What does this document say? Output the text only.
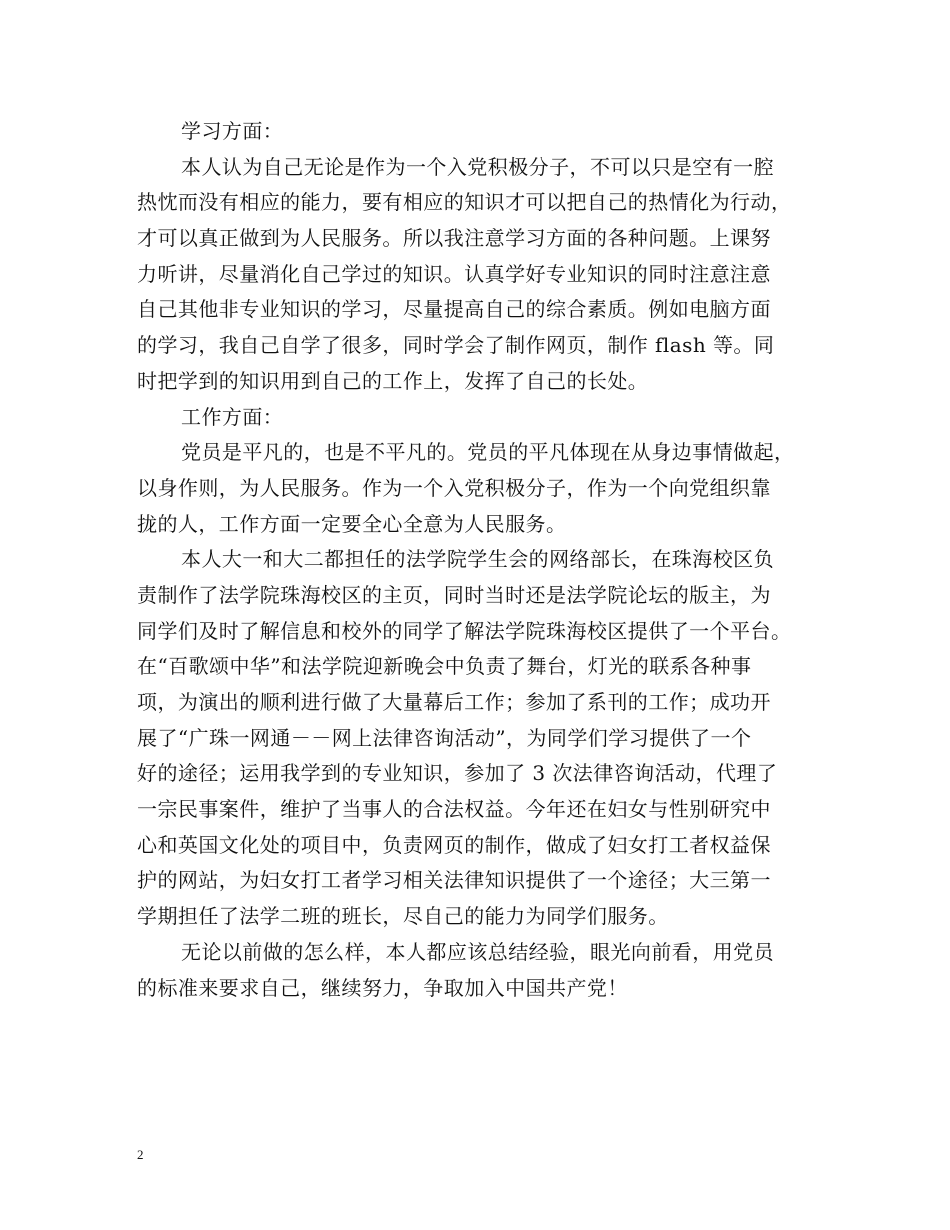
学习方面：
本人认为自己无论是作为一个入党积极分子，不可以只是空有一腔
热忱而没有相应的能力，要有相应的知识才可以把自己的热情化为行动，
才可以真正做到为人民服务。所以我注意学习方面的各种问题。上课努
力听讲，尽量消化自己学过的知识。认真学好专业知识的同时注意注意
自己其他非专业知识的学习，尽量提高自己的综合素质。例如电脑方面
的学习，我自己自学了很多，同时学会了制作网页，制作 flash 等。同
时把学到的知识用到自己的工作上，发挥了自己的长处。
工作方面：
党员是平凡的，也是不平凡的。党员的平凡体现在从身边事情做起，
以身作则，为人民服务。作为一个入党积极分子，作为一个向党组织靠
拢的人，工作方面一定要全心全意为人民服务。
本人大一和大二都担任的法学院学生会的网络部长，在珠海校区负
责制作了法学院珠海校区的主页，同时当时还是法学院论坛的版主，为
同学们及时了解信息和校外的同学了解法学院珠海校区提供了一个平台。
在“百歌颂中华”和法学院迎新晚会中负责了舞台，灯光的联系各种事
项，为演出的顺利进行做了大量幕后工作；参加了系刊的工作；成功开
展了“广珠一网通－－网上法律咨询活动”，为同学们学习提供了一个
好的途径；运用我学到的专业知识，参加了 3 次法律咨询活动，代理了
一宗民事案件，维护了当事人的合法权益。今年还在妇女与性别研究中
心和英国文化处的项目中，负责网页的制作，做成了妇女打工者权益保
护的网站，为妇女打工者学习相关法律知识提供了一个途径；大三第一
学期担任了法学二班的班长，尽自己的能力为同学们服务。
无论以前做的怎么样，本人都应该总结经验，眼光向前看，用党员
的标准来要求自己，继续努力，争取加入中国共产党！
2
